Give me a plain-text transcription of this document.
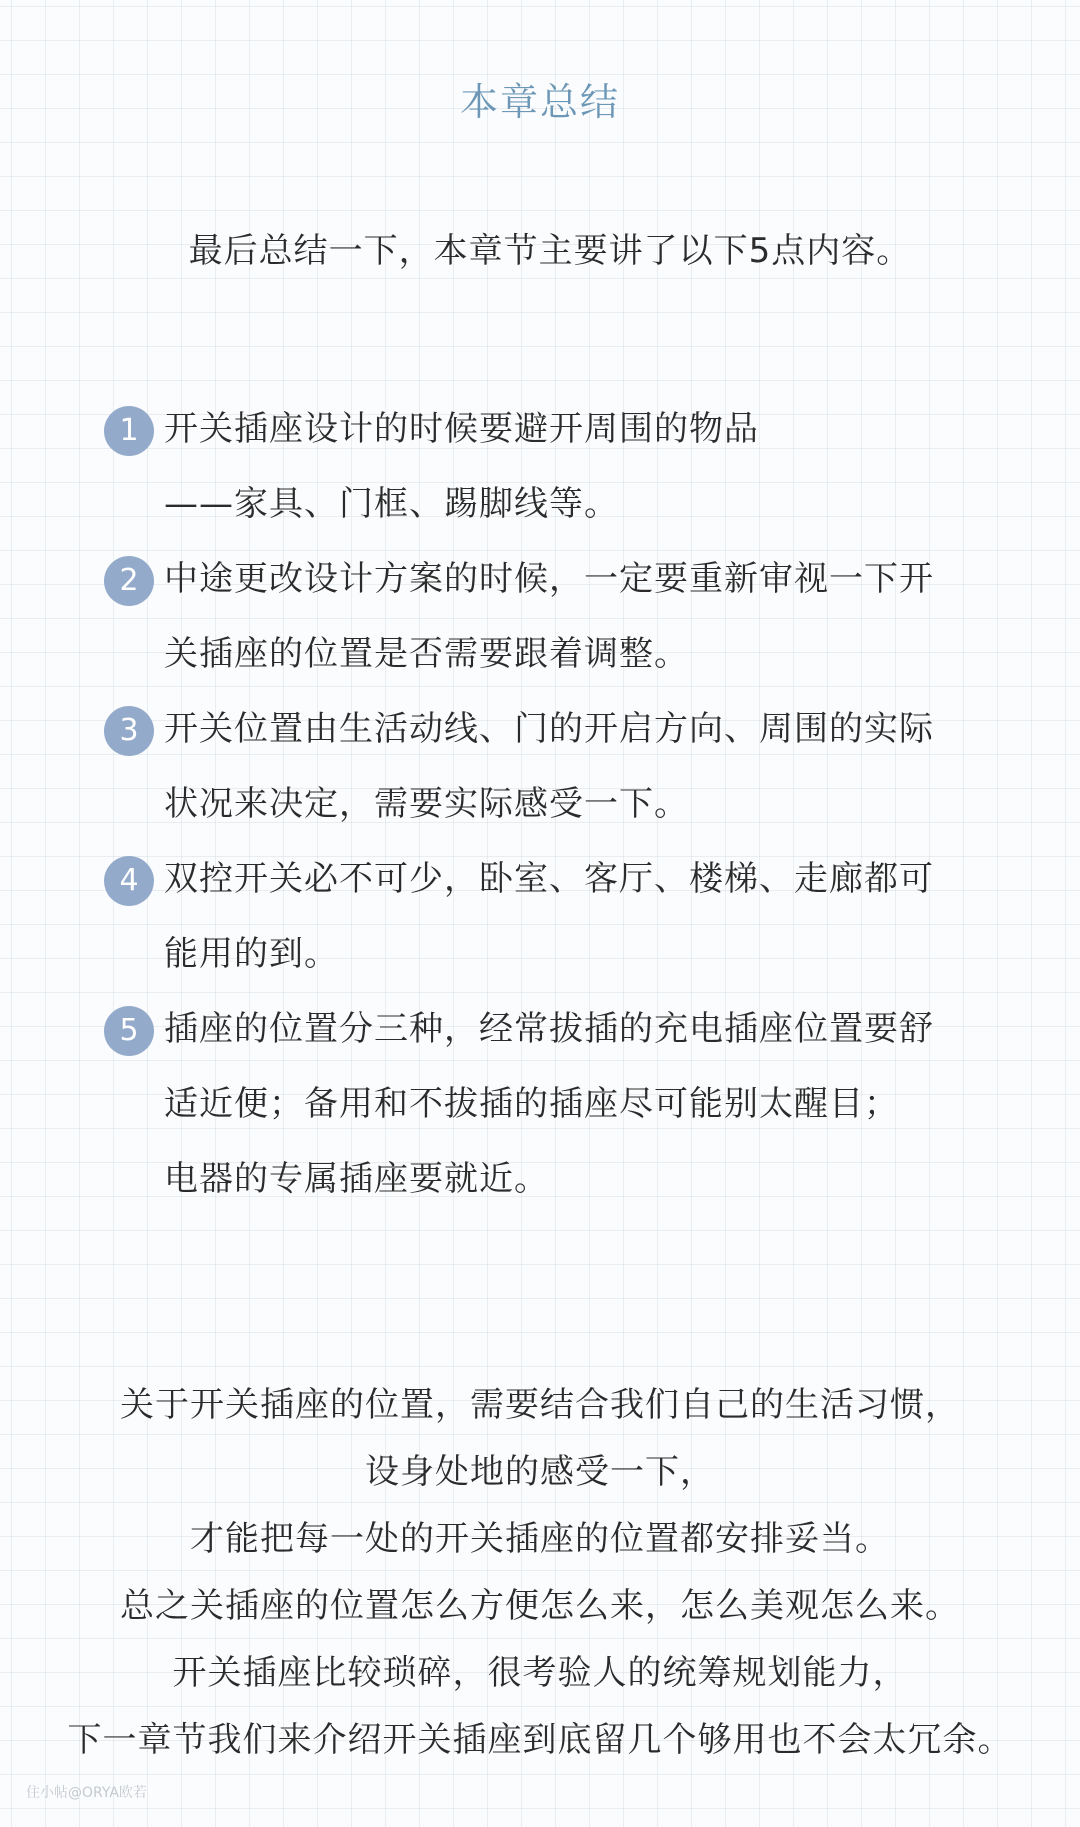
本章总结
最后总结一下，本章节主要讲了以下5点内容。
1 开关插座设计的时候要避开周围的物品
——家具、门框、踢脚线等。
2 中途更改设计方案的时候，一定要重新审视一下开
关插座的位置是否需要跟着调整。
3 开关位置由生活动线、门的开启方向、周围的实际
状况来决定，需要实际感受一下。
4 双控开关必不可少，卧室、客厅、楼梯、走廊都可
能用的到。
5 插座的位置分三种，经常拔插的充电插座位置要舒
适近便；备用和不拔插的插座尽可能别太醒目；
电器的专属插座要就近。
关于开关插座的位置，需要结合我们自己的生活习惯，
设身处地的感受一下，
才能把每一处的开关插座的位置都安排妥当。
总之关插座的位置怎么方便怎么来，怎么美观怎么来。
开关插座比较琐碎，很考验人的统筹规划能力，
下一章节我们来介绍开关插座到底留几个够用也不会太冗余。
住小帖@ORYA欧若
